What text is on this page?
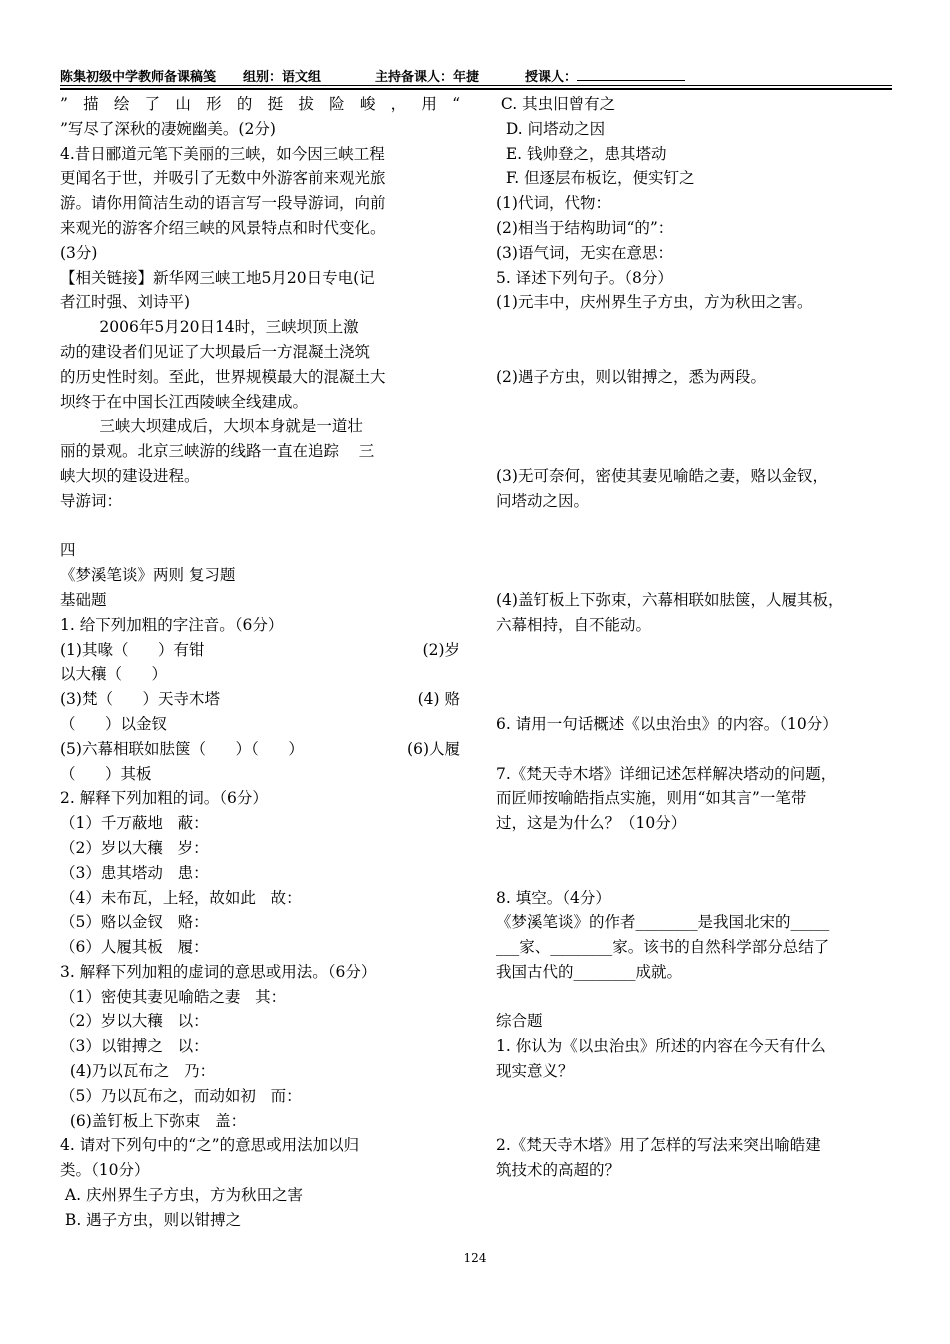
陈集初级中学教师备课稿笺 组别：语文组	主持备课人：年捷	授课人：
”描绘了山形的挺拔险峻，用“
”写尽了深秋的凄婉幽美。(2分)
4.昔日郦道元笔下美丽的三峡，如今因三峡工程
更闻名于世，并吸引了无数中外游客前来观光旅
游。请你用简洁生动的语言写一段导游词，向前
来观光的游客介绍三峡的风景特点和时代变化。
(3分)
【相关链接】新华网三峡工地5月20日专电(记
者江时强、刘诗平)
2006年5月20日14时，三峡坝顶上激
动的建设者们见证了大坝最后一方混凝土浇筑
的历史性时刻。至此，世界规模最大的混凝土大
坝终于在中国长江西陵峡全线建成。
三峡大坝建成后，大坝本身就是一道壮
丽的景观。北京三峡游的线路一直在追踪    三
峡大坝的建设进程。
导游词：
四
《梦溪笔谈》两则 复习题
基础题
1. 给下列加粗的字注音。（6分）
(1)其喙（      ）有钳	(2)岁
以大穰（      ）
(3)梵（      ）天寺木塔	(4) 赂
（      ）以金钗
(5)六幕相联如胠箧（      ）（      ）	(6)人履
（      ）其板
2. 解释下列加粗的词。（6分）
（1）千万蔽地   蔽：
（2）岁以大穰   岁：
（3）患其塔动   患：
（4）未布瓦，上轻，故如此   故：
（5）赂以金钗   赂：
（6）人履其板   履：
3. 解释下列加粗的虚词的意思或用法。（6分）
（1）密使其妻见喻皓之妻   其：
（2）岁以大穰   以：
（3）以钳搏之   以：
(4)乃以瓦布之   乃：
（5）乃以瓦布之，而动如初   而：
(6)盖钉板上下弥束   盖：
4. 请对下列句中的“之”的意思或用法加以归
类。（10分）
A. 庆州界生子方虫，方为秋田之害
B. 遇子方虫，则以钳搏之
C. 其虫旧曾有之
D. 问塔动之因
E. 钱帅登之，患其塔动
F. 但逐层布板讫，便实钉之
(1)代词，代物：
(2)相当于结构助词“的”：
(3)语气词，无实在意思：
5. 译述下列句子。（8分）
(1)元丰中，庆州界生子方虫，方为秋田之害。
(2)遇子方虫，则以钳搏之，悉为两段。
(3)无可奈何，密使其妻见喻皓之妻，赂以金钗，
问塔动之因。
(4)盖钉板上下弥束，六幕相联如胠箧，人履其板，
六幕相持，自不能动。
6. 请用一句话概述《以虫治虫》的内容。（10分）
7.《梵天寺木塔》详细记述怎样解决塔动的问题，
而匠师按喻皓指点实施，则用“如其言”一笔带
过，这是为什么？（10分）
8. 填空。（4分）
《梦溪笔谈》的作者________是我国北宋的_____
___家、________家。该书的自然科学部分总结了
我国古代的________成就。
综合题
1. 你认为《以虫治虫》所述的内容在今天有什么
现实意义？
2.《梵天寺木塔》用了怎样的写法来突出喻皓建
筑技术的高超的？
124
